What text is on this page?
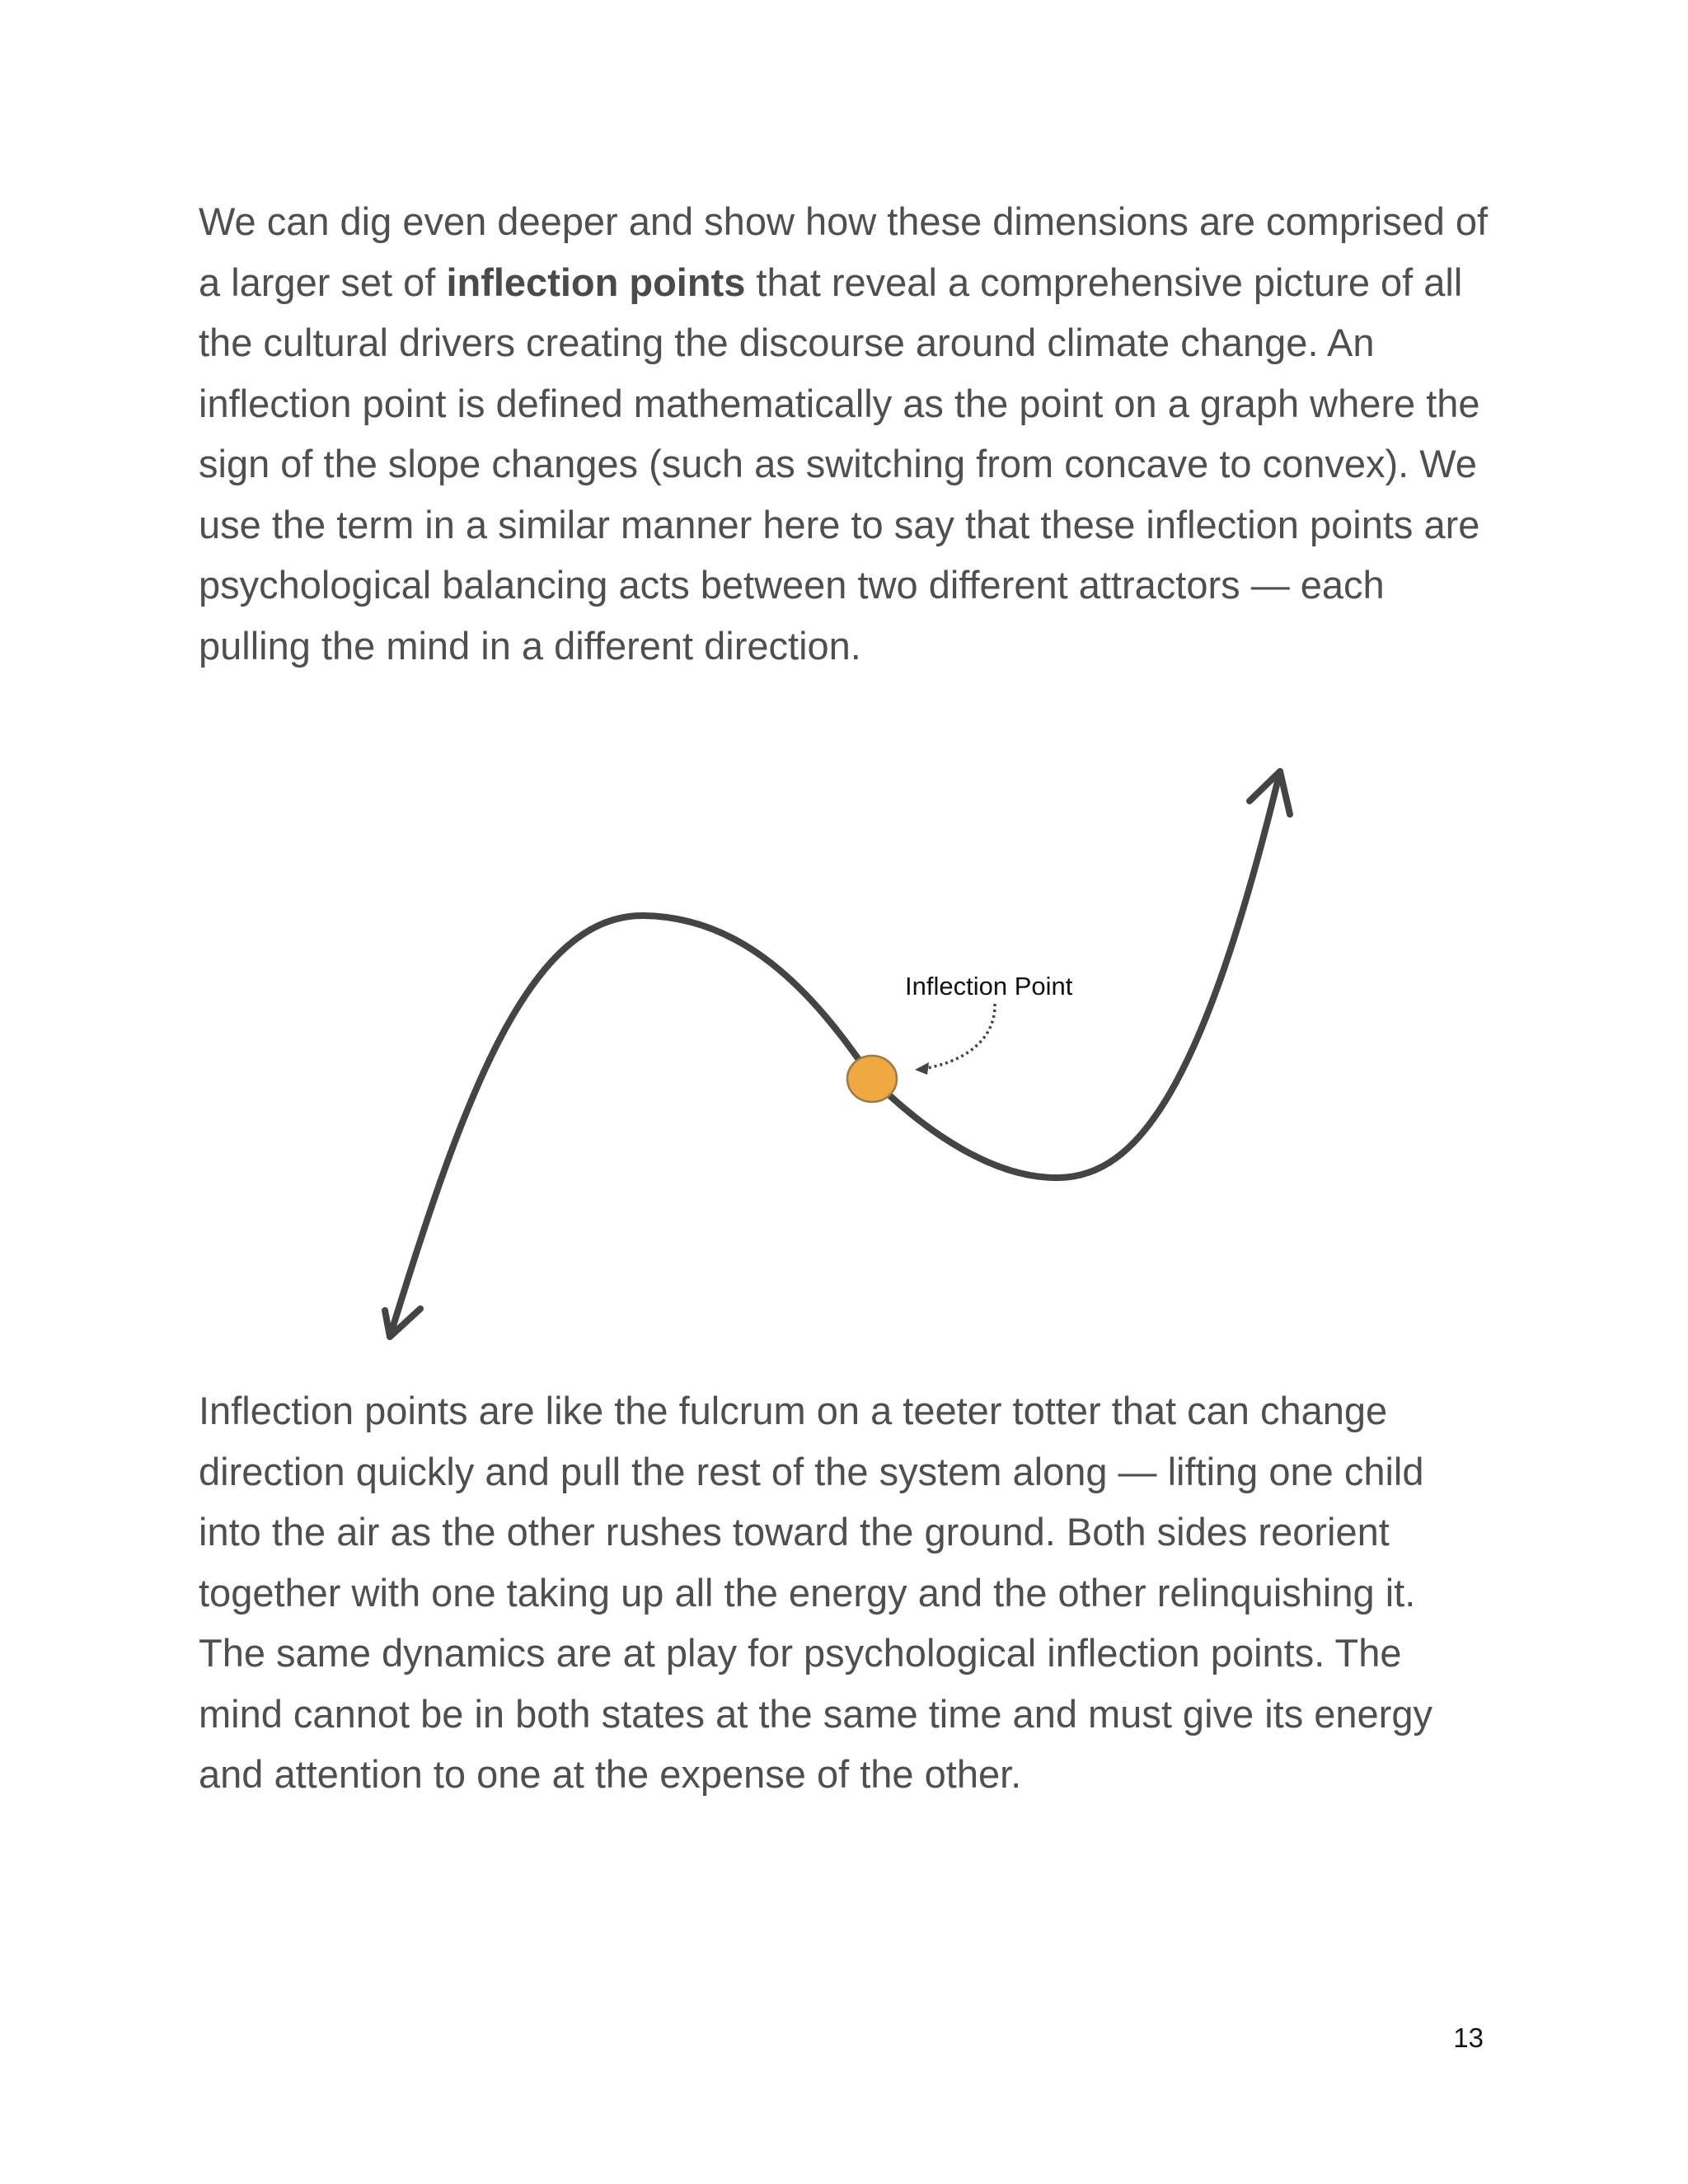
We can dig even deeper and show how these dimensions are comprised of
a larger set of inflection points that reveal a comprehensive picture of all
the cultural drivers creating the discourse around climate change. An
inflection point is defined mathematically as the point on a graph where the
sign of the slope changes (such as switching from concave to convex). We
use the term in a similar manner here to say that these inflection points are
psychological balancing acts between two different attractors — each
pulling the mind in a different direction.

Inflection Point

Inflection points are like the fulcrum on a teeter totter that can change
direction quickly and pull the rest of the system along — lifting one child
into the air as the other rushes toward the ground. Both sides reorient
together with one taking up all the energy and the other relinquishing it.
The same dynamics are at play for psychological inflection points. The
mind cannot be in both states at the same time and must give its energy
and attention to one at the expense of the other.

13
